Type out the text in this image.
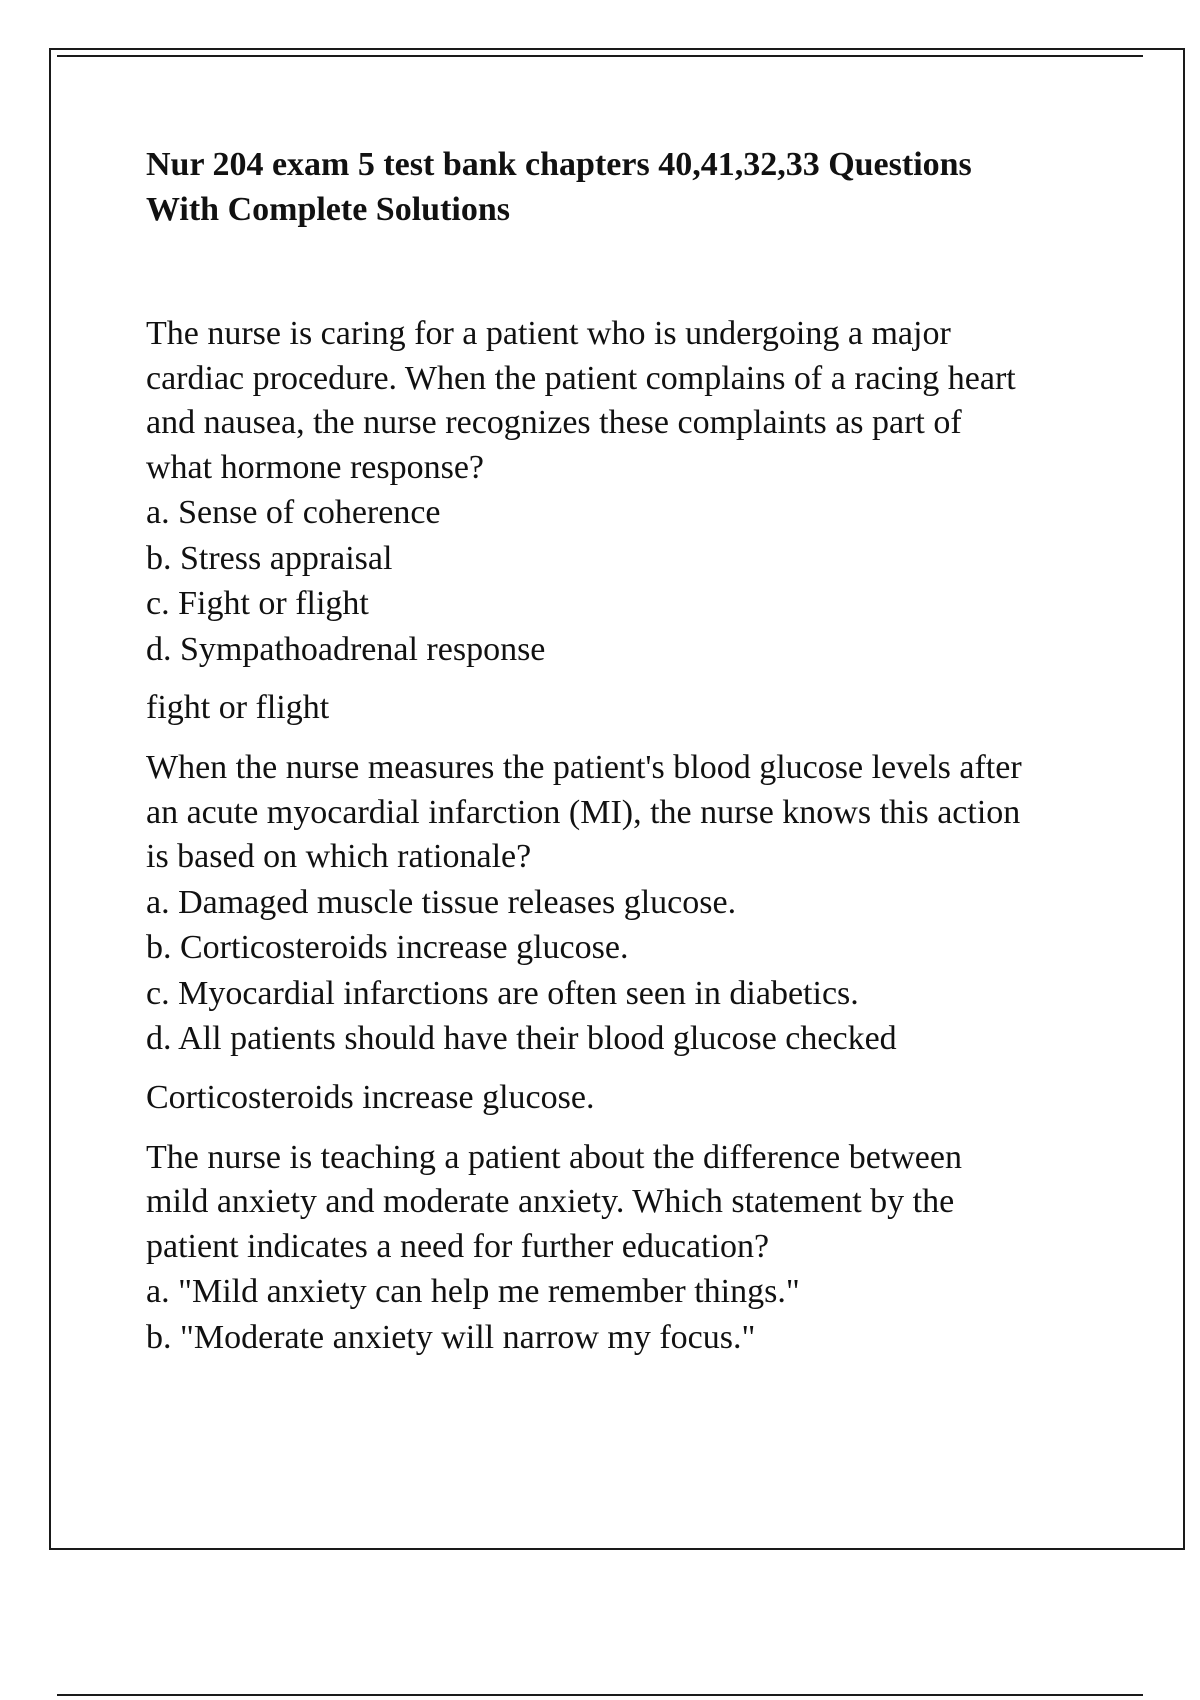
Nur 204 exam 5 test bank chapters 40,41,32,33 Questions
With Complete Solutions

The nurse is caring for a patient who is undergoing a major
cardiac procedure. When the patient complains of a racing heart
and nausea, the nurse recognizes these complaints as part of
what hormone response?

a. Sense of coherence
b. Stress appraisal
c. Fight or flight
d. Sympathoadrenal response

fight or flight

When the nurse measures the patient's blood glucose levels after
an acute myocardial infarction (MI), the nurse knows this action
is based on which rationale?

a. Damaged muscle tissue releases glucose.
b. Corticosteroids increase glucose.
c. Myocardial infarctions are often seen in diabetics.
d. All patients should have their blood glucose checked

Corticosteroids increase glucose.

The nurse is teaching a patient about the difference between
mild anxiety and moderate anxiety. Which statement by the
patient indicates a need for further education?

a. "Mild anxiety can help me remember things."
b. "Moderate anxiety will narrow my focus."
